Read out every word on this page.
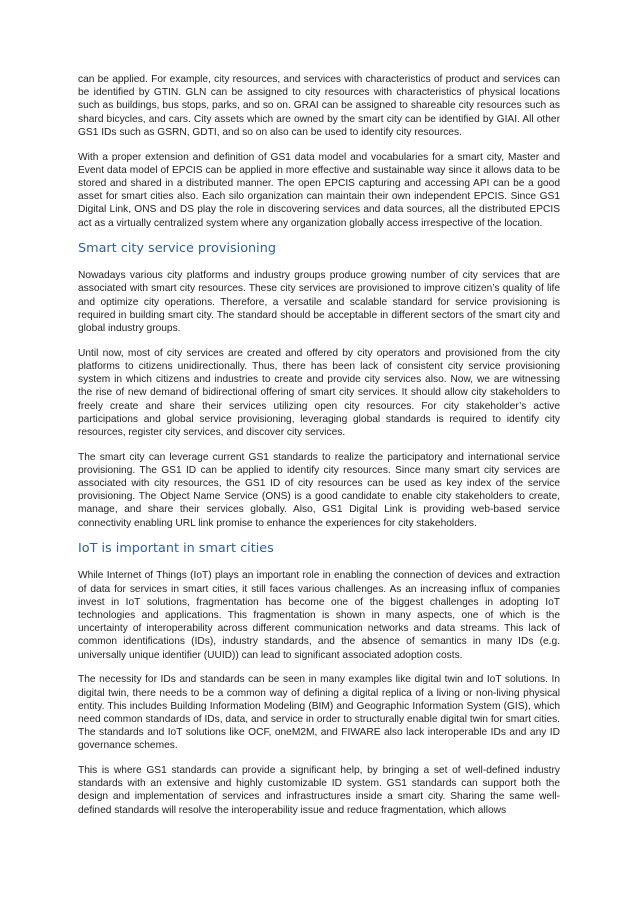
can be applied. For example, city resources, and services with characteristics of product and services can be identified by GTIN. GLN can be assigned to city resources with characteristics of physical locations such as buildings, bus stops, parks, and so on. GRAI can be assigned to shareable city resources such as shard bicycles, and cars. City assets which are owned by the smart city can be identified by GIAI. All other GS1 IDs such as GSRN, GDTI, and so on also can be used to identify city resources.

With a proper extension and definition of GS1 data model and vocabularies for a smart city, Master and Event data model of EPCIS can be applied in more effective and sustainable way since it allows data to be stored and shared in a distributed manner. The open EPCIS capturing and accessing API can be a good asset for smart cities also. Each silo organization can maintain their own independent EPCIS. Since GS1 Digital Link, ONS and DS play the role in discovering services and data sources, all the distributed EPCIS act as a virtually centralized system where any organization globally access irrespective of the location.

Smart city service provisioning

Nowadays various city platforms and industry groups produce growing number of city services that are associated with smart city resources. These city services are provisioned to improve citizen’s quality of life and optimize city operations. Therefore, a versatile and scalable standard for service provisioning is required in building smart city. The standard should be acceptable in different sectors of the smart city and global industry groups.

Until now, most of city services are created and offered by city operators and provisioned from the city platforms to citizens unidirectionally. Thus, there has been lack of consistent city service provisioning system in which citizens and industries to create and provide city services also. Now, we are witnessing the rise of new demand of bidirectional offering of smart city services. It should allow city stakeholders to freely create and share their services utilizing open city resources. For city stakeholder’s active participations and global service provisioning, leveraging global standards is required to identify city resources, register city services, and discover city services.

The smart city can leverage current GS1 standards to realize the participatory and international service provisioning. The GS1 ID can be applied to identify city resources. Since many smart city services are associated with city resources, the GS1 ID of city resources can be used as key index of the service provisioning. The Object Name Service (ONS) is a good candidate to enable city stakeholders to create, manage, and share their services globally. Also, GS1 Digital Link is providing web-based service connectivity enabling URL link promise to enhance the experiences for city stakeholders.

IoT is important in smart cities

While Internet of Things (IoT) plays an important role in enabling the connection of devices and extraction of data for services in smart cities, it still faces various challenges. As an increasing influx of companies invest in IoT solutions, fragmentation has become one of the biggest challenges in adopting IoT technologies and applications. This fragmentation is shown in many aspects, one of which is the uncertainty of interoperability across different communication networks and data streams. This lack of common identifications (IDs), industry standards, and the absence of semantics in many IDs (e.g. universally unique identifier (UUID)) can lead to significant associated adoption costs.

The necessity for IDs and standards can be seen in many examples like digital twin and IoT solutions. In digital twin, there needs to be a common way of defining a digital replica of a living or non-living physical entity. This includes Building Information Modeling (BIM) and Geographic Information System (GIS), which need common standards of IDs, data, and service in order to structurally enable digital twin for smart cities. The standards and IoT solutions like OCF, oneM2M, and FIWARE also lack interoperable IDs and any ID governance schemes.

This is where GS1 standards can provide a significant help, by bringing a set of well-defined industry standards with an extensive and highly customizable ID system. GS1 standards can support both the design and implementation of services and infrastructures inside a smart city. Sharing the same well-defined standards will resolve the interoperability issue and reduce fragmentation, which allows
